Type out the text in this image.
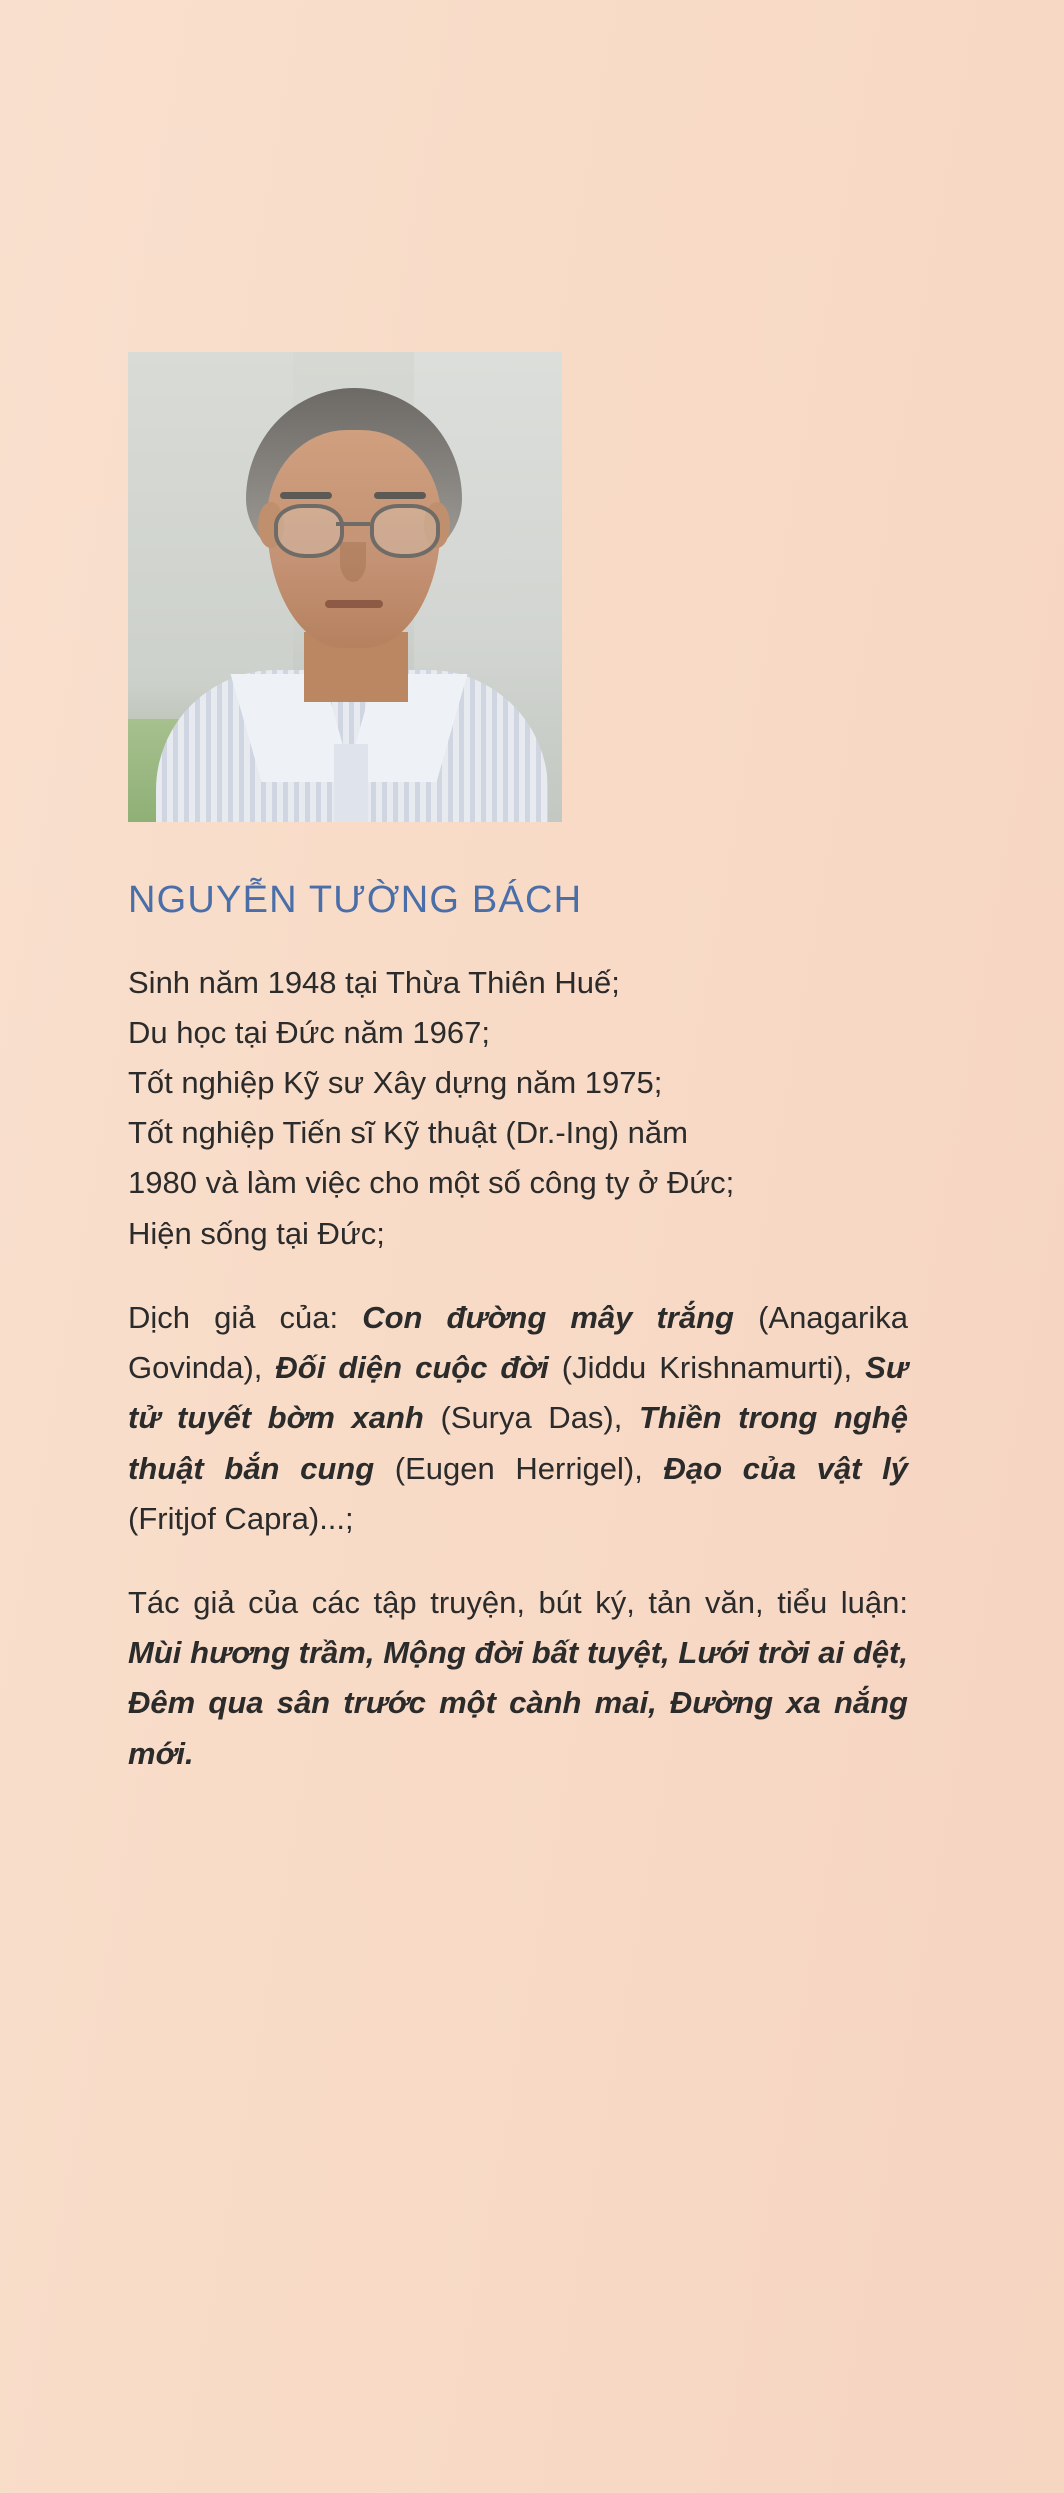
NGUYỄN TƯỜNG BÁCH
Sinh năm 1948 tại Thừa Thiên Huế;
Du học tại Đức năm 1967;
Tốt nghiệp Kỹ sư Xây dựng năm 1975;
Tốt nghiệp Tiến sĩ Kỹ thuật (Dr.-Ing) năm
1980 và làm việc cho một số công ty ở Đức;
Hiện sống tại Đức;

Dịch giả của: Con đường mây trắng (Anagarika Govinda), Đối diện cuộc đời (Jiddu Krishnamurti), Sư tử tuyết bờm xanh (Surya Das), Thiền trong nghệ thuật bắn cung (Eugen Herrigel), Đạo của vật lý (Fritjof Capra)...;

Tác giả của các tập truyện, bút ký, tản văn, tiểu luận: Mùi hương trầm, Mộng đời bất tuyệt, Lưới trời ai dệt, Đêm qua sân trước một cành mai, Đường xa nắng mới.
